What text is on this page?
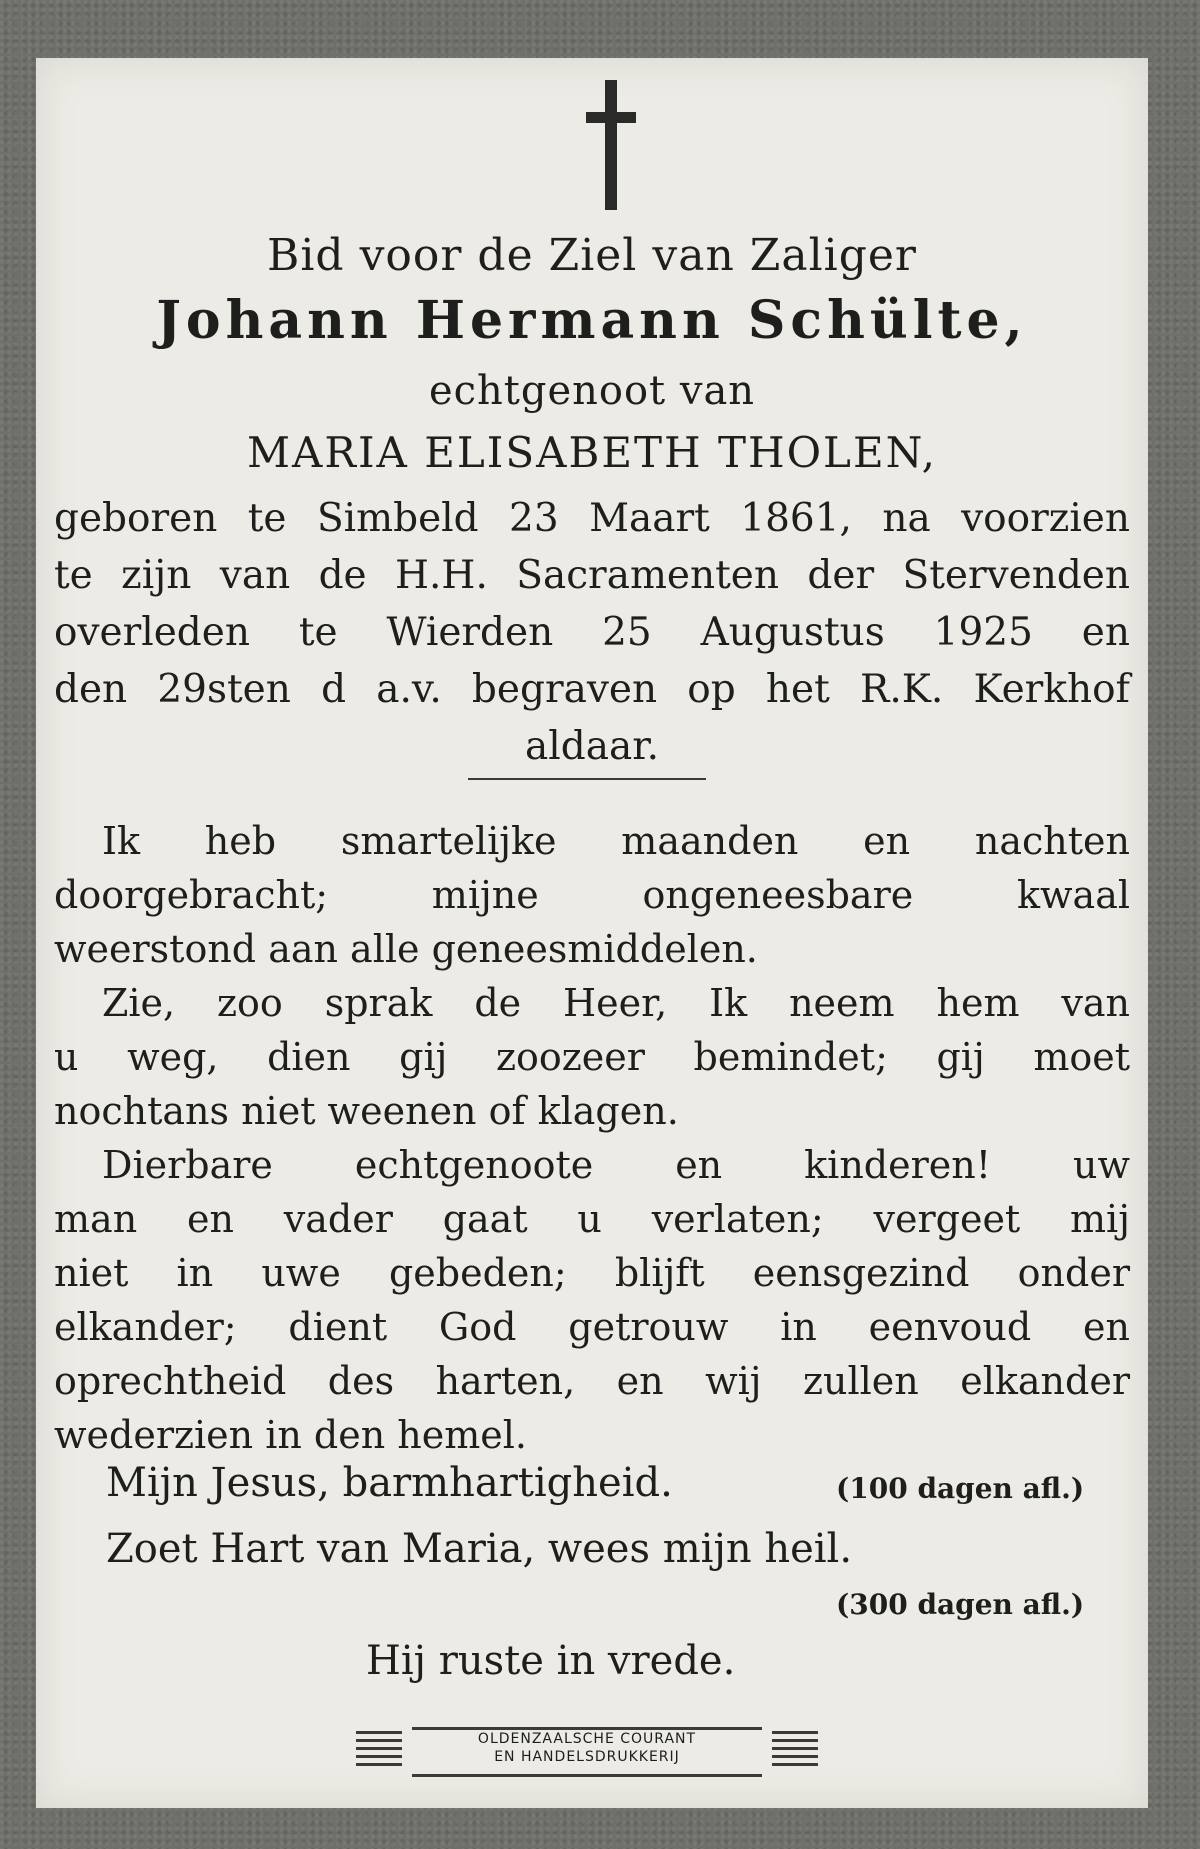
Bid voor de Ziel van Zaliger
Johann Hermann Schülte,
echtgenoot van
MARIA ELISABETH THOLEN,
geboren te Simbeld 23 Maart 1861, na voorzien
te zijn van de H.H. Sacramenten der Stervenden
overleden te Wierden 25 Augustus 1925 en
den 29sten d a.v. begraven op het R.K. Kerkhof
aldaar.
Ik heb smartelijke maanden en nachten
doorgebracht; mijne ongeneesbare kwaal
weerstond aan alle geneesmiddelen.
Zie, zoo sprak de Heer, Ik neem hem van
u weg, dien gij zoozeer bemindet; gij moet
nochtans niet weenen of klagen.
Dierbare echtgenoote en kinderen! uw
man en vader gaat u verlaten; vergeet mij
niet in uwe gebeden; blijft eensgezind onder
elkander; dient God getrouw in eenvoud en
oprechtheid des harten, en wij zullen elkander
wederzien in den hemel.
Mijn Jesus, barmhartigheid.	(100 dagen afl.)
Zoet Hart van Maria, wees mijn heil.
(300 dagen afl.)
Hij ruste in vrede.
OLDENZAALSCHE COURANT
EN HANDELSDRUKKERIJ
